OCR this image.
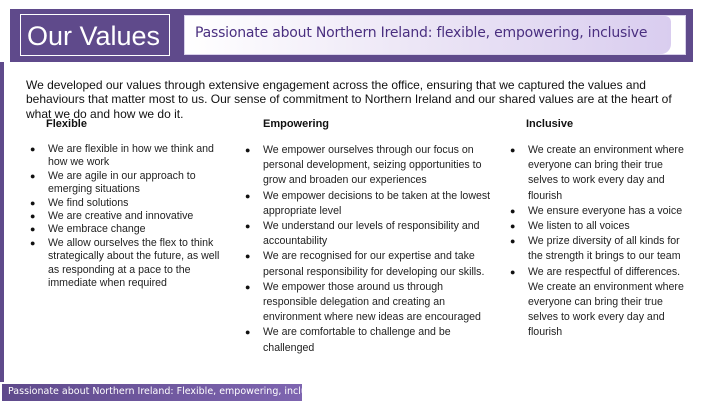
Our Values Passionate about Northern Ireland: flexible, empowering, inclusive
We developed our values through extensive engagement across the office, ensuring that we captured the values and behaviours that matter most to us. Our sense of commitment to Northern Ireland and our shared values are at the heart of what we do and how we do it.
Flexible	Empowering	Inclusive
● We are flexible in how we think and how we work
● We are agile in our approach to emerging situations
● We find solutions
● We are creative and innovative
● We embrace change
● We allow ourselves the flex to think strategically about the future, as well as responding at a pace to the immediate when required
● We empower ourselves through our focus on personal development, seizing opportunities to grow and broaden our experiences
● We empower decisions to be taken at the lowest appropriate level
● We understand our levels of responsibility and accountability
● We are recognised for our expertise and take personal responsibility for developing our skills.
● We empower those around us through responsible delegation and creating an environment where new ideas are encouraged
● We are comfortable to challenge and be challenged
● We create an environment where everyone can bring their true selves to work every day and flourish
● We ensure everyone has a voice
● We listen to all voices
● We prize diversity of all kinds for the strength it brings to our team
● We are respectful of differences. We create an environment where everyone can bring their true selves to work every day and flourish
Passionate about Northern Ireland: Flexible, empowering, inclusive
